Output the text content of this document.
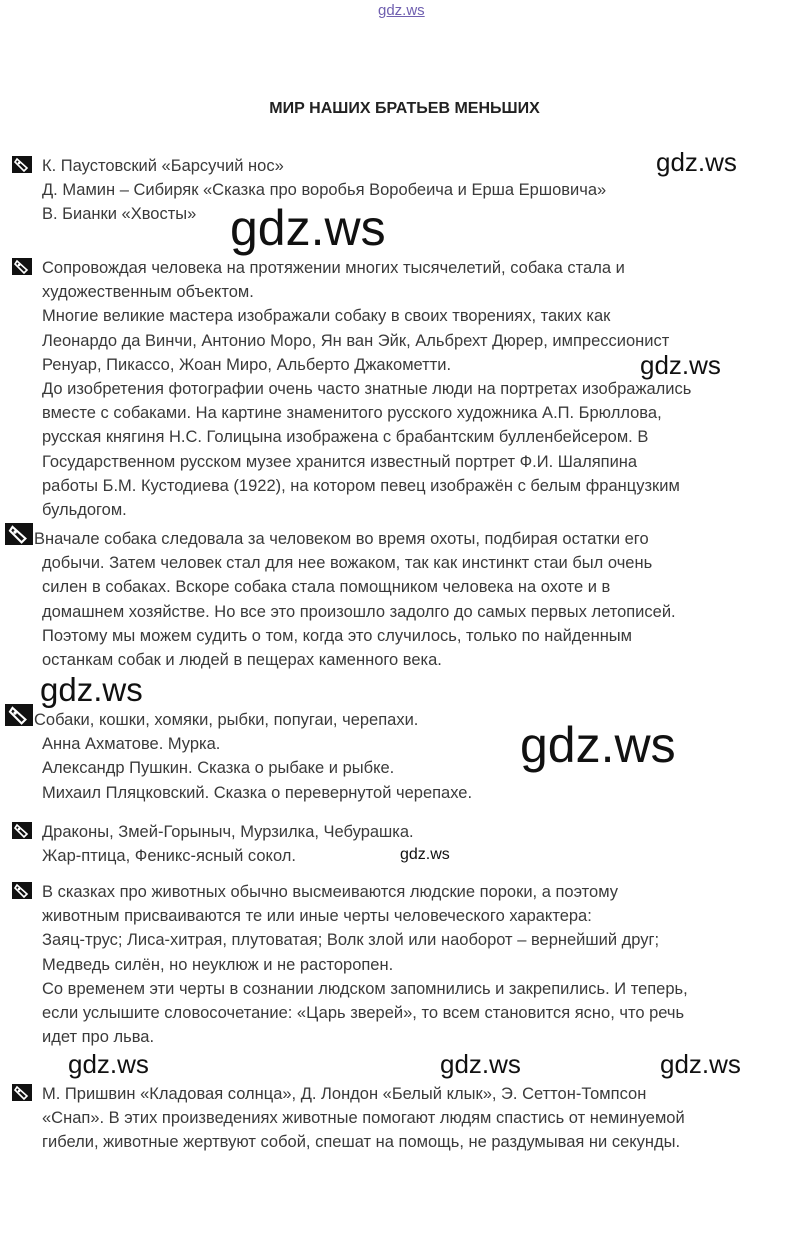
gdz.ws
МИР НАШИХ БРАТЬЕВ МЕНЬШИХ
К. Паустовский «Барсучий нос»
Д. Мамин – Сибиряк «Сказка про воробья Воробеича и Ерша Ершовича»
В. Бианки «Хвосты»
Сопровождая человека на протяжении многих тысячелетий, собака стала и
художественным объектом.
Многие великие мастера изображали собаку в своих творениях, таких как
Леонардо да Винчи, Антонио Моро, Ян ван Эйк, Альбрехт Дюрер, импрессионист
Ренуар, Пикассо, Жоан Миро, Альберто Джакометти.
До изобретения фотографии очень часто знатные люди на портретах изображались
вместе с собаками. На картине знаменитого русского художника А.П. Брюллова,
русская княгиня Н.С. Голицына изображена с брабантским булленбейсером. В
Государственном русском музее хранится известный портрет Ф.И. Шаляпина
работы Б.М. Кустодиева (1922), на котором певец изображён с белым французким
бульдогом.
Вначале собака следовала за человеком во время охоты, подбирая остатки его
добычи. Затем человек стал для нее вожаком, так как инстинкт стаи был очень
силен в собаках. Вскоре собака стала помощником человека на охоте и в
домашнем хозяйстве. Но все это произошло задолго до самых первых летописей.
Поэтому мы можем судить о том, когда это случилось, только по найденным
останкам собак и людей в пещерах каменного века.
Собаки, кошки, хомяки, рыбки, попугаи, черепахи.
Анна Ахматове. Мурка.
Александр Пушкин. Сказка о рыбаке и рыбке.
Михаил Пляцковский. Сказка о перевернутой черепахе.
Драконы, Змей-Горыныч, Мурзилка, Чебурашка.
Жар-птица, Феникс-ясный сокол.
В сказках про животных обычно высмеиваются людские пороки, а поэтому
животным присваиваются те или иные черты человеческого характера:
Заяц-трус; Лиса-хитрая, плутоватая; Волк злой или наоборот – вернейший друг;
Медведь силён, но неуклюж и не расторопен.
Со временем эти черты в сознании людском запомнились и закрепились. И теперь,
если услышите словосочетание: «Царь зверей», то всем становится ясно, что речь
идет про льва.
М. Пришвин «Кладовая солнца», Д. Лондон «Белый клык», Э. Сеттон-Томпсон
«Снап». В этих произведениях животные помогают людям спастись от неминуемой
гибели, животные жертвуют собой, спешат на помощь, не раздумывая ни секунды.
gdz.ws
gdz.ws
gdz.ws
gdz.ws
gdz.ws
gdz.ws
gdz.ws	gdz.ws	gdz.ws
